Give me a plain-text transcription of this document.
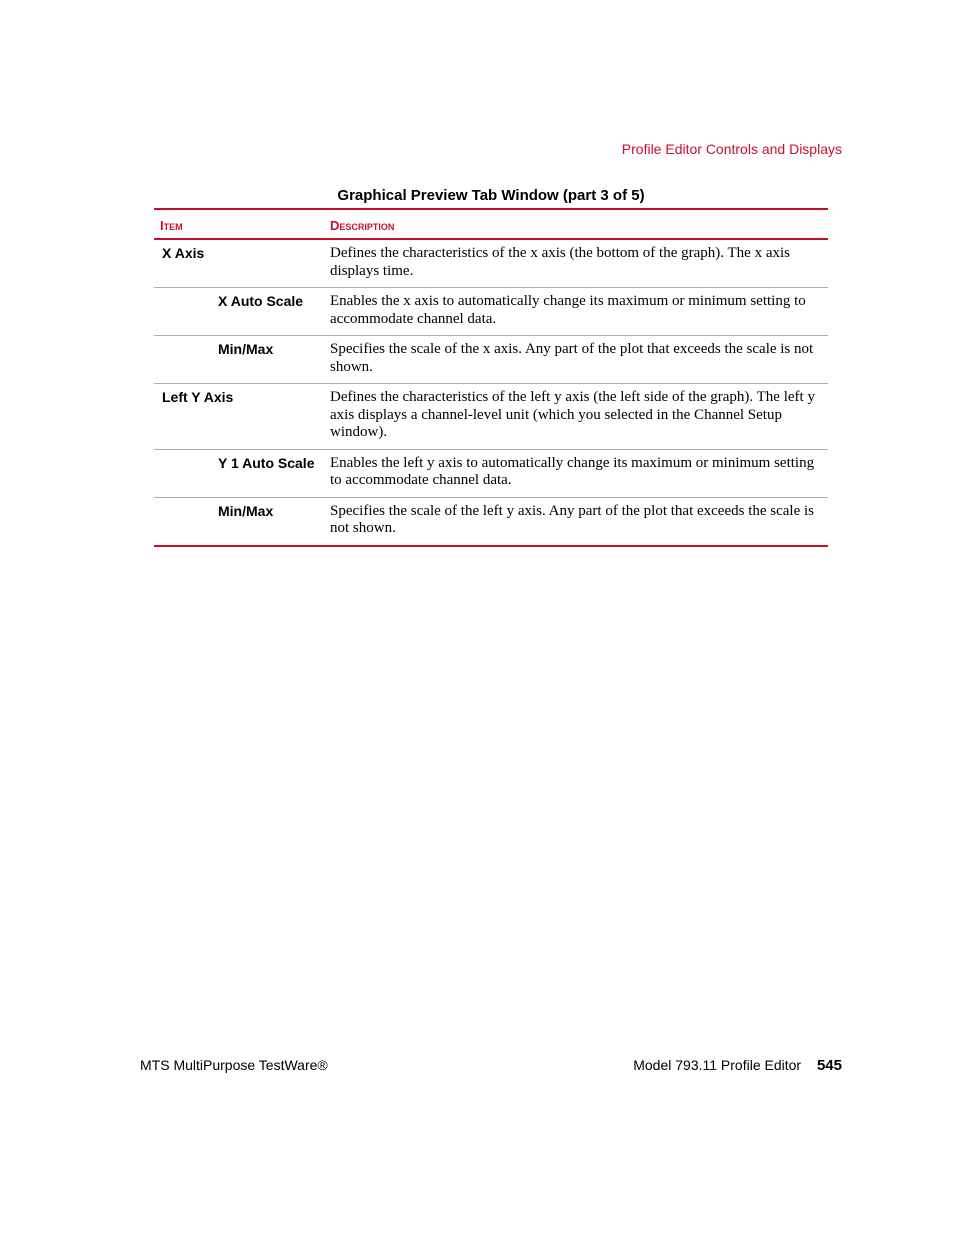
Profile Editor Controls and Displays
Graphical Preview Tab Window (part 3 of 5)
Item	Description
X Axis	Defines the characteristics of the x axis (the bottom of the graph). The x axis displays time.
X Auto Scale	Enables the x axis to automatically change its maximum or minimum setting to accommodate channel data.
Min/Max	Specifies the scale of the x axis. Any part of the plot that exceeds the scale is not shown.
Left Y Axis	Defines the characteristics of the left y axis (the left side of the graph). The left y axis displays a channel-level unit (which you selected in the Channel Setup window).
Y 1 Auto Scale	Enables the left y axis to automatically change its maximum or minimum setting to accommodate channel data.
Min/Max	Specifies the scale of the left y axis. Any part of the plot that exceeds the scale is not shown.
MTS MultiPurpose TestWare®	Model 793.11 Profile Editor 545
